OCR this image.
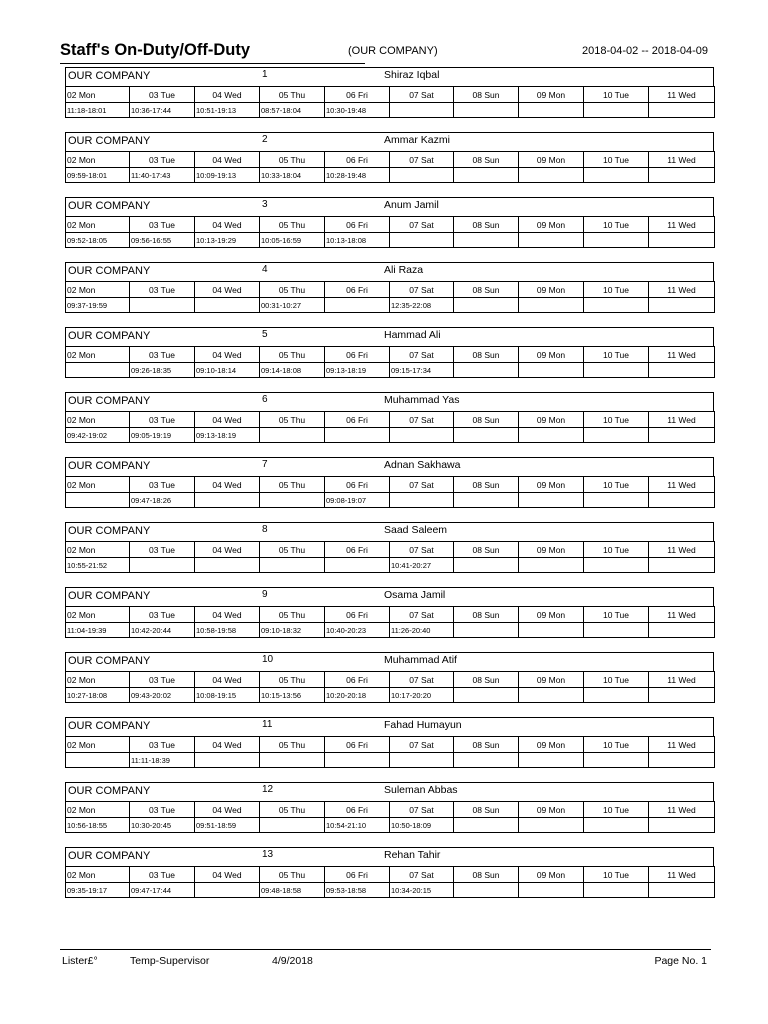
Staff's On-Duty/Off-Duty	(OUR COMPANY)	2018-04-02 -- 2018-04-09
OUR COMPANY	1	Shiraz Iqbal
02 Mon	03 Tue	04 Wed	05 Thu	06 Fri	07 Sat	08 Sun	09 Mon	10 Tue	11 Wed
11:18-18:01	10:36-17:44	10:51-19:13	08:57-18:04	10:30-19:48					
OUR COMPANY	2	Ammar Kazmi
02 Mon	03 Tue	04 Wed	05 Thu	06 Fri	07 Sat	08 Sun	09 Mon	10 Tue	11 Wed
09:59-18:01	11:40-17:43	10:09-19:13	10:33-18:04	10:28-19:48					
OUR COMPANY	3	Anum Jamil
02 Mon	03 Tue	04 Wed	05 Thu	06 Fri	07 Sat	08 Sun	09 Mon	10 Tue	11 Wed
09:52-18:05	09:56-16:55	10:13-19:29	10:05-16:59	10:13-18:08					
OUR COMPANY	4	Ali Raza
02 Mon	03 Tue	04 Wed	05 Thu	06 Fri	07 Sat	08 Sun	09 Mon	10 Tue	11 Wed
09:37-19:59			00:31-10:27		12:35-22:08				
OUR COMPANY	5	Hammad Ali
02 Mon	03 Tue	04 Wed	05 Thu	06 Fri	07 Sat	08 Sun	09 Mon	10 Tue	11 Wed
	09:26-18:35	09:10-18:14	09:14-18:08	09:13-18:19	09:15-17:34				
OUR COMPANY	6	Muhammad Yas
02 Mon	03 Tue	04 Wed	05 Thu	06 Fri	07 Sat	08 Sun	09 Mon	10 Tue	11 Wed
09:42-19:02	09:05-19:19	09:13-18:19							
OUR COMPANY	7	Adnan Sakhawa
02 Mon	03 Tue	04 Wed	05 Thu	06 Fri	07 Sat	08 Sun	09 Mon	10 Tue	11 Wed
	09:47-18:26			09:08-19:07					
OUR COMPANY	8	Saad Saleem
02 Mon	03 Tue	04 Wed	05 Thu	06 Fri	07 Sat	08 Sun	09 Mon	10 Tue	11 Wed
10:55-21:52					10:41-20:27				
OUR COMPANY	9	Osama Jamil
02 Mon	03 Tue	04 Wed	05 Thu	06 Fri	07 Sat	08 Sun	09 Mon	10 Tue	11 Wed
11:04-19:39	10:42-20:44	10:58-19:58	09:10-18:32	10:40-20:23	11:26-20:40				
OUR COMPANY	10	Muhammad Atif
02 Mon	03 Tue	04 Wed	05 Thu	06 Fri	07 Sat	08 Sun	09 Mon	10 Tue	11 Wed
10:27-18:08	09:43-20:02	10:08-19:15	10:15-13:56	10:20-20:18	10:17-20:20				
OUR COMPANY	11	Fahad Humayun
02 Mon	03 Tue	04 Wed	05 Thu	06 Fri	07 Sat	08 Sun	09 Mon	10 Tue	11 Wed
	11:11-18:39								
OUR COMPANY	12	Suleman Abbas
02 Mon	03 Tue	04 Wed	05 Thu	06 Fri	07 Sat	08 Sun	09 Mon	10 Tue	11 Wed
10:56-18:55	10:30-20:45	09:51-18:59		10:54-21:10	10:50-18:09				
OUR COMPANY	13	Rehan Tahir
02 Mon	03 Tue	04 Wed	05 Thu	06 Fri	07 Sat	08 Sun	09 Mon	10 Tue	11 Wed
09:35-19:17	09:47-17:44		09:48-18:58	09:53-18:58	10:34-20:15				
Lister£°	Temp-Supervisor	4/9/2018	Page No. 1
